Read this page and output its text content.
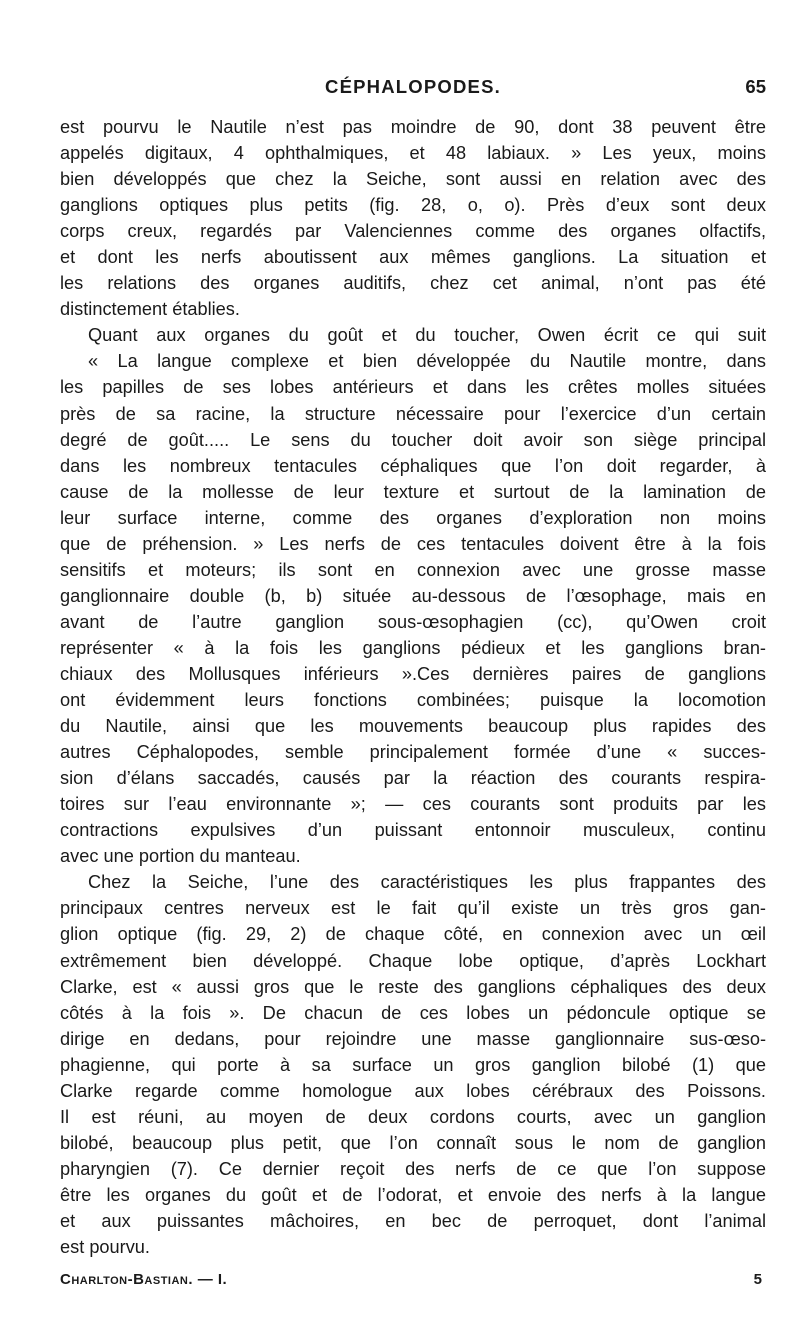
CÉPHALOPODES.	65
est pourvu le Nautile n’est pas moindre de 90, dont 38 peuvent être
appelés digitaux, 4 ophthalmiques, et 48 labiaux. » Les yeux, moins
bien développés que chez la Seiche, sont aussi en relation avec des
ganglions optiques plus petits (fig. 28, o, o). Près d’eux sont deux
corps creux, regardés par Valenciennes comme des organes olfactifs,
et dont les nerfs aboutissent aux mêmes ganglions. La situation et
les relations des organes auditifs, chez cet animal, n’ont pas été
distinctement établies.
Quant aux organes du goût et du toucher, Owen écrit ce qui suit
« La langue complexe et bien développée du Nautile montre, dans
les papilles de ses lobes antérieurs et dans les crêtes molles situées
près de sa racine, la structure nécessaire pour l’exercice d’un certain
degré de goût..... Le sens du toucher doit avoir son siège principal
dans les nombreux tentacules céphaliques que l’on doit regarder, à
cause de la mollesse de leur texture et surtout de la lamination de
leur surface interne, comme des organes d’exploration non moins
que de préhension. » Les nerfs de ces tentacules doivent être à la fois
sensitifs et moteurs; ils sont en connexion avec une grosse masse
ganglionnaire double (b, b) située au-dessous de l’œsophage, mais en
avant de l’autre ganglion sous-œsophagien (cc), qu’Owen croit
représenter « à la fois les ganglions pédieux et les ganglions bran-
chiaux des Mollusques inférieurs ».Ces dernières paires de ganglions
ont évidemment leurs fonctions combinées; puisque la locomotion
du Nautile, ainsi que les mouvements beaucoup plus rapides des
autres Céphalopodes, semble principalement formée d’une « succes-
sion d’élans saccadés, causés par la réaction des courants respira-
toires sur l’eau environnante »; — ces courants sont produits par les
contractions expulsives d’un puissant entonnoir musculeux, continu
avec une portion du manteau.
Chez la Seiche, l’une des caractéristiques les plus frappantes des
principaux centres nerveux est le fait qu’il existe un très gros gan-
glion optique (fig. 29, 2) de chaque côté, en connexion avec un œil
extrêmement bien développé. Chaque lobe optique, d’après Lockhart
Clarke, est « aussi gros que le reste des ganglions céphaliques des deux
côtés à la fois ». De chacun de ces lobes un pédoncule optique se
dirige en dedans, pour rejoindre une masse ganglionnaire sus-œso-
phagienne, qui porte à sa surface un gros ganglion bilobé (1) que
Clarke regarde comme homologue aux lobes cérébraux des Poissons.
Il est réuni, au moyen de deux cordons courts, avec un ganglion
bilobé, beaucoup plus petit, que l’on connaît sous le nom de ganglion
pharyngien (7). Ce dernier reçoit des nerfs de ce que l’on suppose
être les organes du goût et de l’odorat, et envoie des nerfs à la langue
et aux puissantes mâchoires, en bec de perroquet, dont l’animal
est pourvu.
Charlton-Bastian. — I.	5
